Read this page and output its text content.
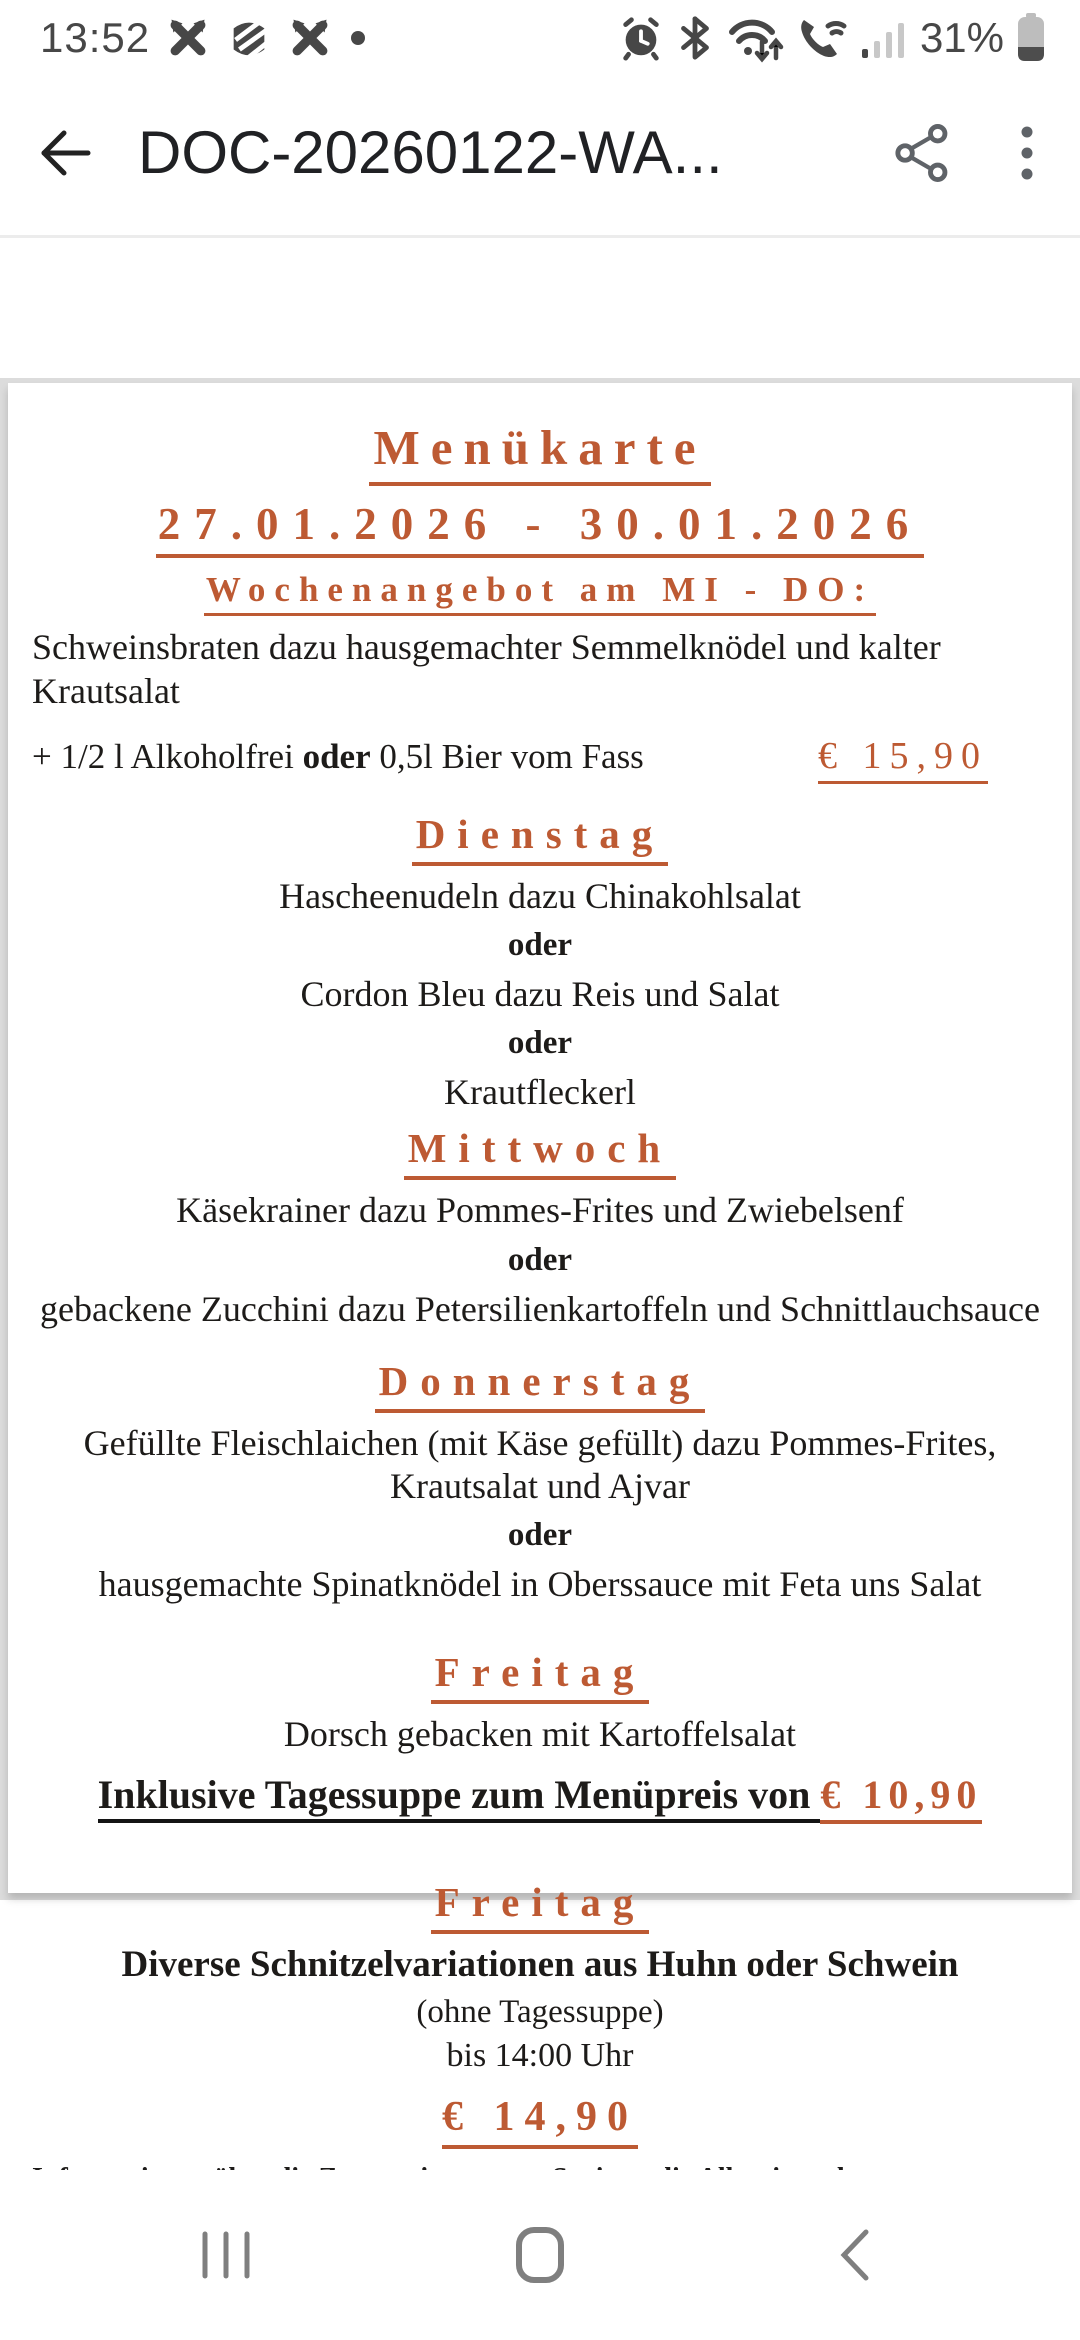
13:52	31%
DOC-20260122-WA...
Menükarte
27.01.2026 - 30.01.2026
Wochenangebot am MI - DO:
Schweinsbraten dazu hausgemachter Semmelknödel und kalter Krautsalat
+ 1/2 l Alkoholfrei oder 0,5l Bier vom Fass	€ 15,90
Dienstag
Hascheenudeln dazu Chinakohlsalat
oder
Cordon Bleu dazu Reis und Salat
oder
Krautfleckerl
Mittwoch
Käsekrainer dazu Pommes-Frites und Zwiebelsenf
oder
gebackene Zucchini dazu Petersilienkartoffeln und Schnittlauchsauce
Donnerstag
Gefüllte Fleischlaichen (mit Käse gefüllt) dazu Pommes-Frites, Krautsalat und Ajvar
oder
hausgemachte Spinatknödel in Oberssauce mit Feta uns Salat
Freitag
Dorsch gebacken mit Kartoffelsalat
Inklusive Tagessuppe zum Menüpreis von € 10,90
Freitag
Diverse Schnitzelvariationen aus Huhn oder Schwein
(ohne Tagessuppe)
bis 14:00 Uhr
€ 14,90
